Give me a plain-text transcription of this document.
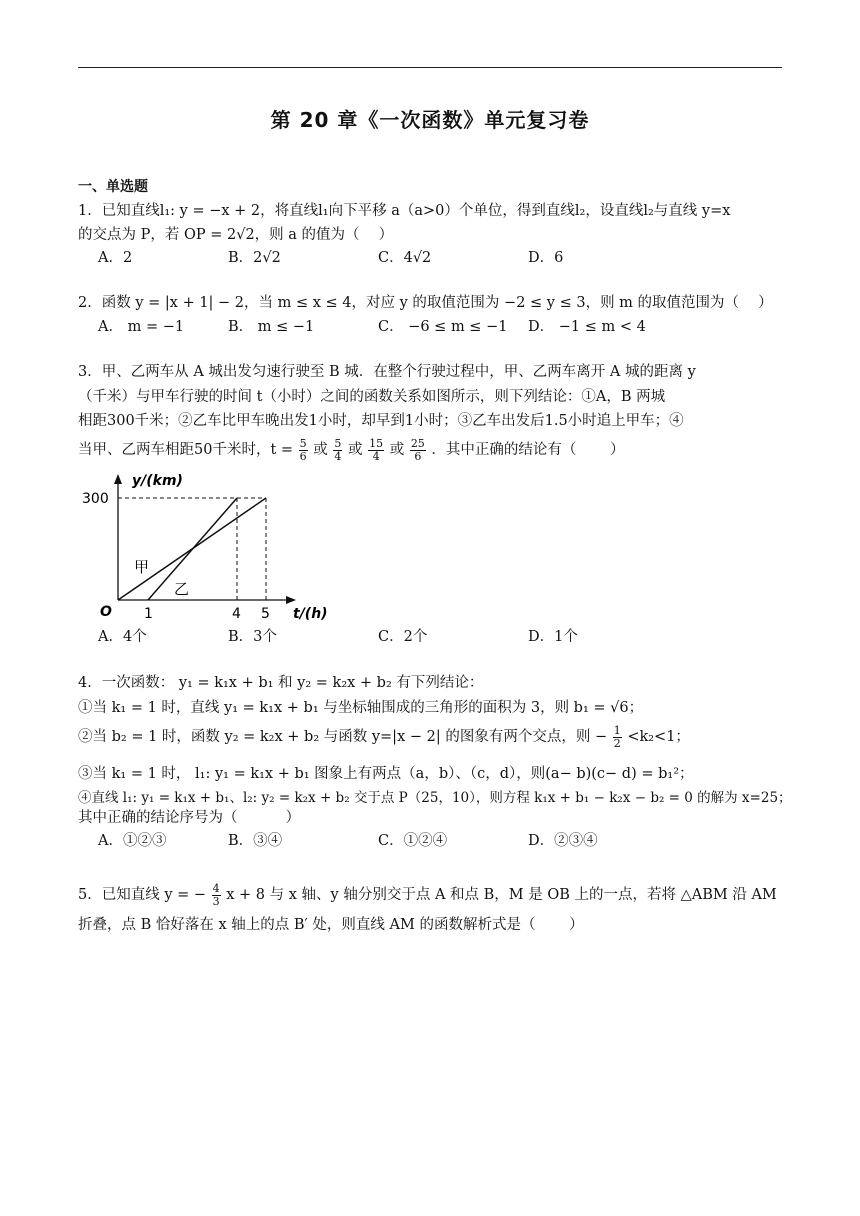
第 20 章《一次函数》单元复习卷
一、单选题
1．已知直线l₁: y = −x + 2，将直线l₁向下平移 a（a>0）个单位，得到直线l₂，设直线l₂与直线 y=x
的交点为 P，若 OP = 2√2，则 a 的值为（　 ）
A．2	B．2√2	C．4√2	D．6
2．函数 y = |x + 1| − 2，当 m ≤ x ≤ 4，对应 y 的取值范围为 −2 ≤ y ≤ 3，则 m 的取值范围为（　 ）
A． m = −1	B． m ≤ −1	C． −6 ≤ m ≤ −1 D． −1 ≤ m < 4
3．甲、乙两车从 A 城出发匀速行驶至 B 城．在整个行驶过程中，甲、乙两车离开 A 城的距离 y
（千米）与甲车行驶的时间 t（小时）之间的函数关系如图所示，则下列结论：①A，B 两城
相距300千米；②乙车比甲车晚出发1小时，却早到1小时；③乙车出发后1.5小时追上甲车；④
当甲、乙两车相距50千米时，$t = \frac{5}{6}$ 或 $\frac{5}{4}$ 或 $\frac{15}{4}$ 或 $\frac{25}{6}$ ．其中正确的结论有（　　 ）
y/(km)
300
O 1	4 5 t/(h)
甲
乙
A．4个	B．3个	C．2个	D．1个
4．一次函数： y₁ = k₁x + b₁ 和 y₂ = k₂x + b₂ 有下列结论：
①当 k₁ = 1 时，直线 y₁ = k₁x + b₁ 与坐标轴围成的三角形的面积为 3，则 b₁ = √6；
②当 b₂ = 1 时，函数 y₂ = k₂x + b₂ 与函数 y=|x − 2| 的图象有两个交点，则 − $\frac{1}{2} <k_2<1$；
③当 k₁ = 1 时， l₁: y₁ = k₁x + b₁ 图象上有两点（a，b）、（c，d），则(a− b)(c− d) = b₁²；
④直线 l₁: y₁ = k₁x + b₁、l₂: y₂ = k₂x + b₂ 交于点 P（25，10），则方程 k₁x + b₁ − k₂x − b₂ = 0 的解为 x=25；
其中正确的结论序号为（　　　 ）
A．①②③	B．③④	C．①②④	D．②③④
5．已知直线 y = − $\frac{4}{3}$ x + 8 与 x 轴、y 轴分别交于点 A 和点 B，M 是 OB 上的一点，若将 △ABM 沿 AM
折叠，点 B 恰好落在 x 轴上的点 B′ 处，则直线 AM 的函数解析式是（　　 ）
